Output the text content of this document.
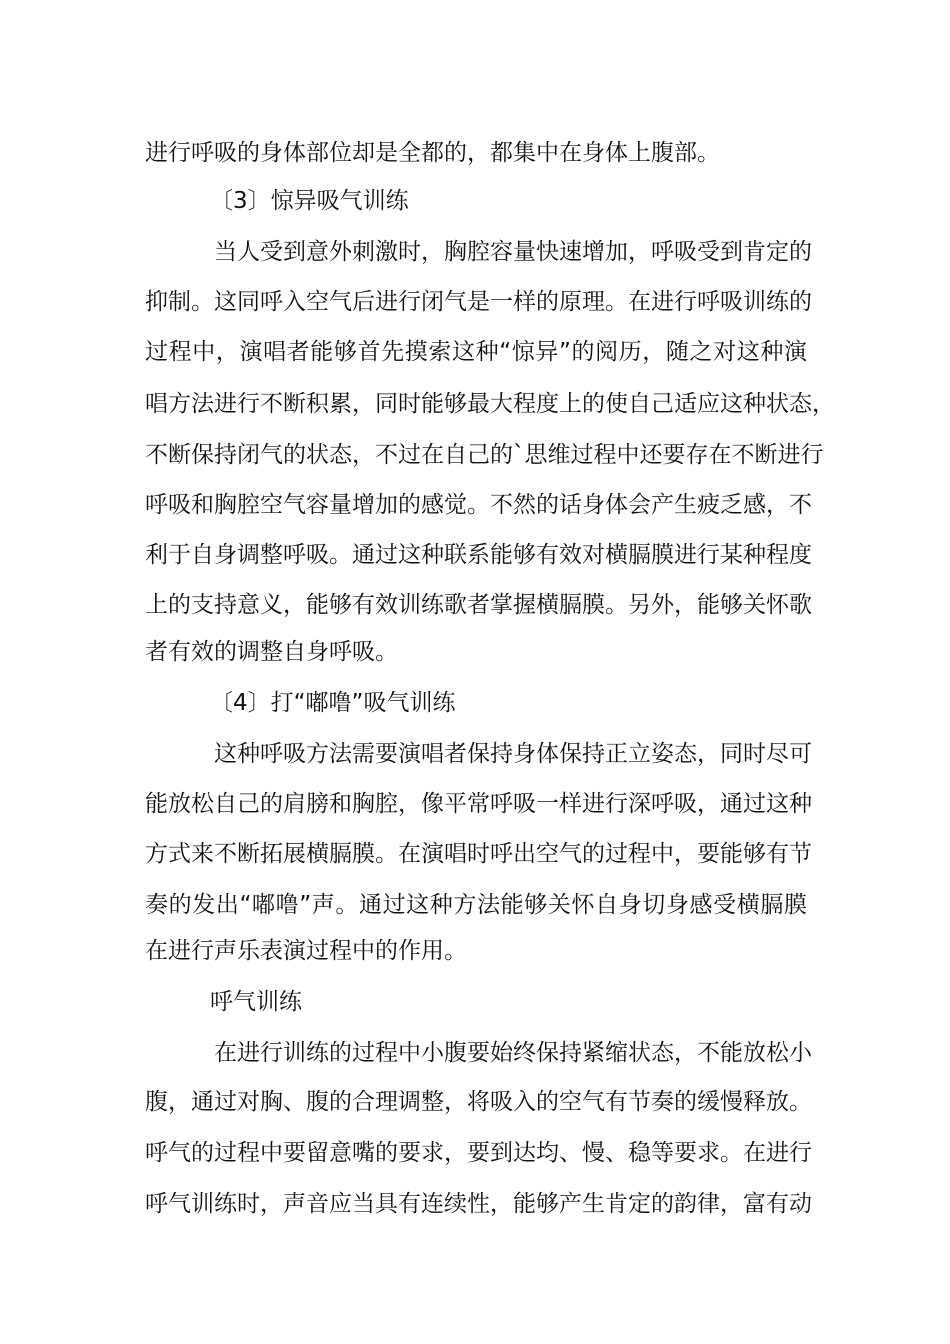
进行呼吸的身体部位却是全都的，都集中在身体上腹部。
〔3〕惊异吸气训练
当人受到意外刺激时，胸腔容量快速增加，呼吸受到肯定的
抑制。这同呼入空气后进行闭气是一样的原理。在进行呼吸训练的
过程中，演唱者能够首先摸索这种“惊异”的阅历，随之对这种演
唱方法进行不断积累，同时能够最大程度上的使自己适应这种状态，
不断保持闭气的状态，不过在自己的`思维过程中还要存在不断进行
呼吸和胸腔空气容量增加的感觉。不然的话身体会产生疲乏感，不
利于自身调整呼吸。通过这种联系能够有效对横膈膜进行某种程度
上的支持意义，能够有效训练歌者掌握横膈膜。另外，能够关怀歌
者有效的调整自身呼吸。
〔4〕打“嘟噜”吸气训练
这种呼吸方法需要演唱者保持身体保持正立姿态，同时尽可
能放松自己的肩膀和胸腔，像平常呼吸一样进行深呼吸，通过这种
方式来不断拓展横膈膜。在演唱时呼出空气的过程中，要能够有节
奏的发出“嘟噜”声。通过这种方法能够关怀自身切身感受横膈膜
在进行声乐表演过程中的作用。
呼气训练
在进行训练的过程中小腹要始终保持紧缩状态，不能放松小
腹，通过对胸、腹的合理调整，将吸入的空气有节奏的缓慢释放。
呼气的过程中要留意嘴的要求，要到达均、慢、稳等要求。在进行
呼气训练时，声音应当具有连续性，能够产生肯定的韵律，富有动
